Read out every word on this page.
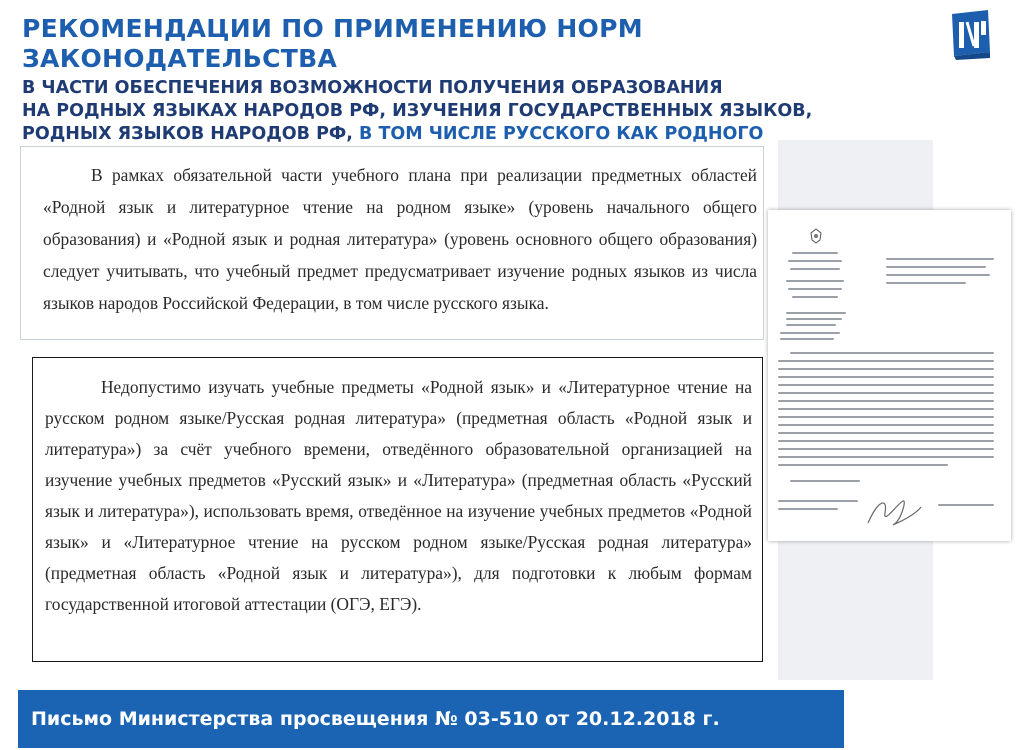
РЕКОМЕНДАЦИИ ПО ПРИМЕНЕНИЮ НОРМ
ЗАКОНОДАТЕЛЬСТВА
В ЧАСТИ ОБЕСПЕЧЕНИЯ ВОЗМОЖНОСТИ ПОЛУЧЕНИЯ ОБРАЗОВАНИЯ
НА РОДНЫХ ЯЗЫКАХ НАРОДОВ РФ, ИЗУЧЕНИЯ ГОСУДАРСТВЕННЫХ ЯЗЫКОВ,
РОДНЫХ ЯЗЫКОВ НАРОДОВ РФ, В ТОМ ЧИСЛЕ РУССКОГО КАК РОДНОГО
В рамках обязательной части учебного плана при реализации предметных областей «Родной язык и литературное чтение на родном языке» (уровень начального общего образования) и «Родной язык и родная литература» (уровень основного общего образования) следует учитывать, что учебный предмет предусматривает изучение родных языков из числа языков народов Российской Федерации, в том числе русского языка.
Недопустимо изучать учебные предметы «Родной язык» и «Литературное чтение на русском родном языке/Русская родная литература» (предметная область «Родной язык и литература») за счёт учебного времени, отведённого образовательной организацией на изучение учебных предметов «Русский язык» и «Литература» (предметная область «Русский язык и литература»), использовать время, отведённое на изучение учебных предметов «Родной язык» и «Литературное чтение на русском родном языке/Русская родная литература» (предметная область «Родной язык и литература»), для подготовки к любым формам государственной итоговой аттестации (ОГЭ, ЕГЭ).
Письмо Министерства просвещения № 03-510 от 20.12.2018 г.
